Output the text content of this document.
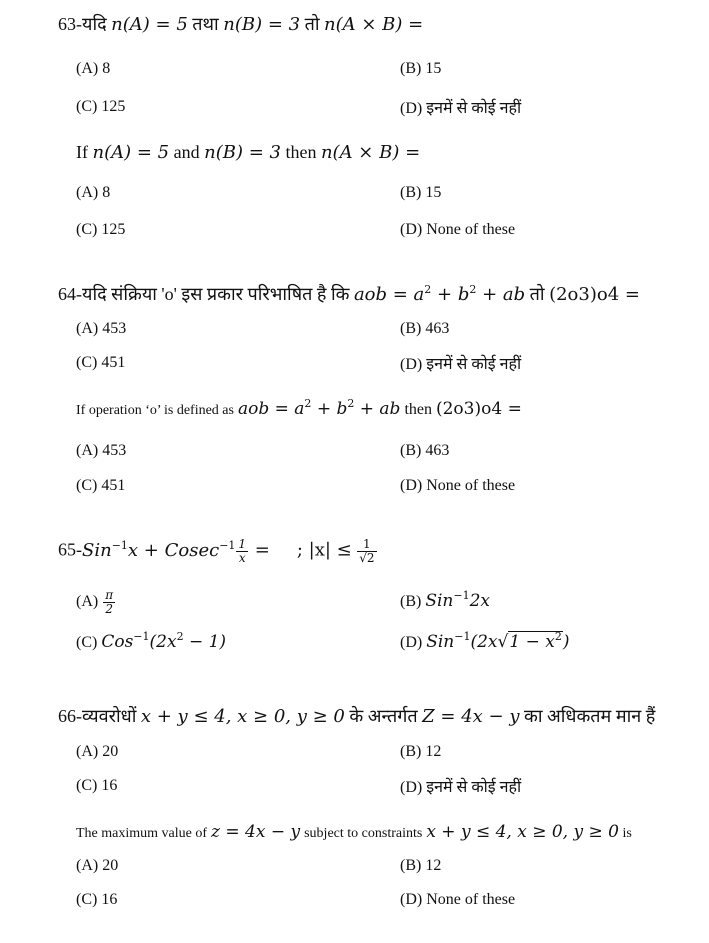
63-यदि n(A) = 5 तथा n(B) = 3 तो n(A × B) =
(A) 8	(B) 15
(C) 125	(D) इनमें से कोई नहीं
If n(A) = 5 and n(B) = 3 then n(A × B) =
(A) 8	(B) 15
(C) 125	(D) None of these
64-यदि संक्रिया 'o' इस प्रकार परिभाषित है कि aob = $a^2 + b^2$ + ab तो (2o3)o4 =
(A) 453	(B) 463
(C) 451	(D) इनमें से कोई नहीं
If operation ‘o’ is defined as aob = $a^2 + b^2$ + ab then (2o3)o4 =
(A) 453	(B) 463
(C) 451	(D) None of these
$65-Sin^{-1}x + Cosec^{-1} \frac{1}{x}$ = ; $|x| \le \frac{1}{√2}$
$(A) \frac{\pi}{2}$	(B) Sin$^{-1}$2x
(C) $Cos^{-1}(2x^2 - 1)$	(D) $Sin^{-1}(2x√1 - x^2)$
66-व्यवरोधों x + y ≤ 4, x ≥ 0, y ≥ 0 के अन्तर्गत Z = 4x − y का अधिकतम मान हैं
(A) 20	(B) 12
(C) 16	(D) इनमें से कोई नहीं
The maximum value of z = 4x − y subject to constraints x + y ≤ 4, x ≥ 0, y ≥ 0 is
(A) 20	(B) 12
(C) 16	(D) None of these
